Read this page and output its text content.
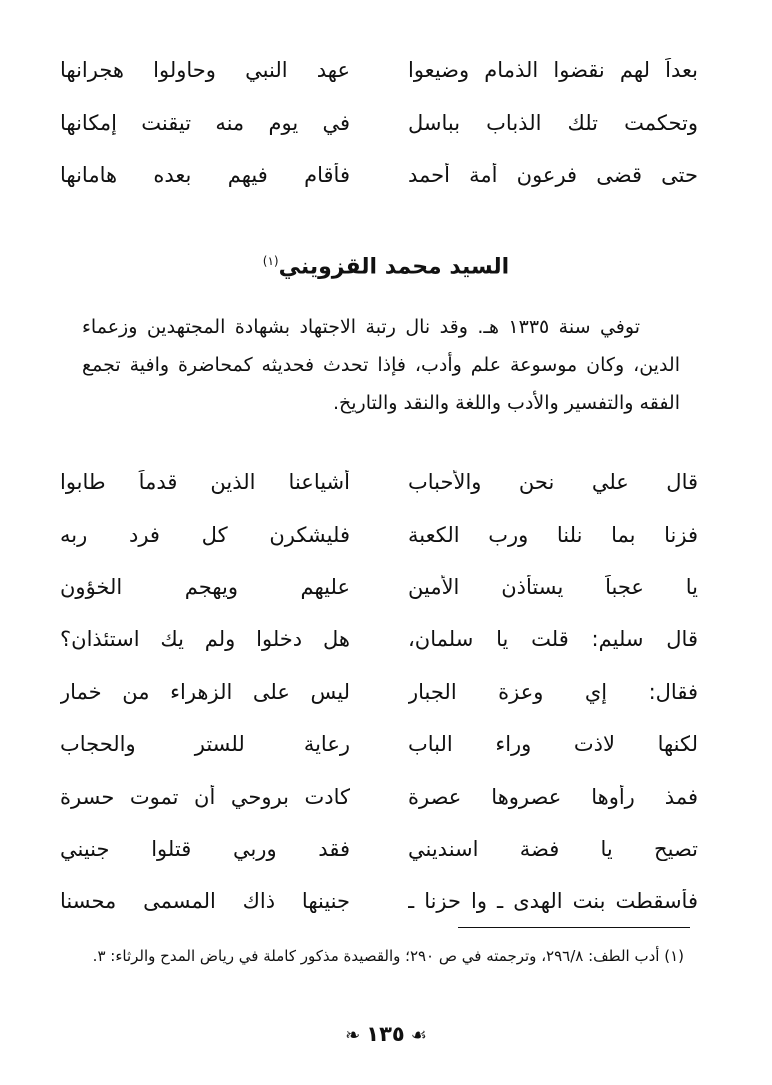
بعداً لهم نقضوا الذمام وضيعوا
عهد النبي وحاولوا هجرانها
وتحكمت تلك الذباب بباسل
في يوم منه تيقنت إمكانها
حتى قضى فرعون أمة أحمد
فأقام فيهم بعده هامانها
السيد محمد القزويني$^{(١)}$
توفي سنة ١٣٣٥ هـ. وقد نال رتبة الاجتهاد بشهادة المجتهدين وزعماء الدين، وكان موسوعة علم وأدب، فإذا تحدث فحديثه كمحاضرة وافية تجمع الفقه والتفسير والأدب واللغة والنقد والتاريخ.
قال علي نحن والأحباب
أشياعنا الذين قدماً طابوا
فزنا بما نلنا ورب الكعبة
فليشكرن كل فرد ربه
يا عجباً يستأذن الأمين
عليهم ويهجم الخؤون
قال سليم: قلت يا سلمان،
هل دخلوا ولم يك استئذان؟
فقال: إي وعزة الجبار
ليس على الزهراء من خمار
لكنها لاذت وراء الباب
رعاية للستر والحجاب
فمذ رأوها عصروها عصرة
كادت بروحي أن تموت حسرة
تصيح يا فضة اسنديني
فقد وربي قتلوا جنيني
فأسقطت بنت الهدى ـ وا حزنا ـ
جنينها ذاك المسمى محسنا
(١) أدب الطف: ٢٩٦/٨، وترجمته في ص ٢٩٠؛ والقصيدة مذكور كاملة في رياض المدح والرثاء: ٣.
☙١٣٥❧
